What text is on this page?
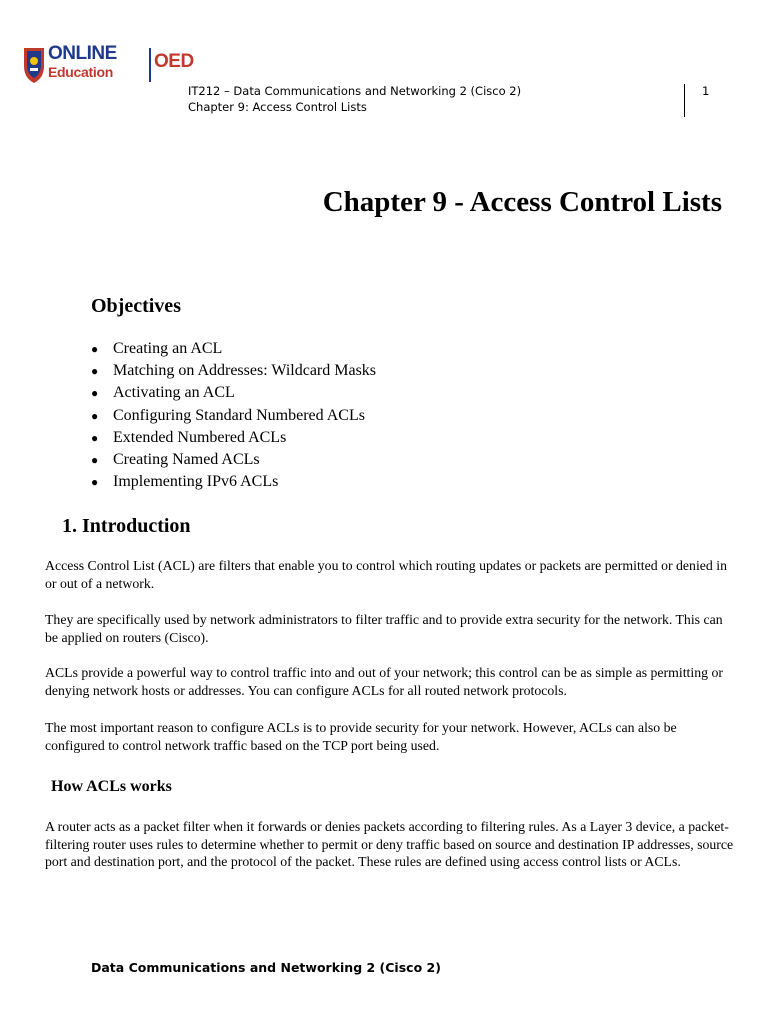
ONLINE
Education OED
IT212 – Data Communications and Networking 2 (Cisco 2)
Chapter 9: Access Control Lists
1
Chapter 9 - Access Control Lists
Objectives
● Creating an ACL
● Matching on Addresses: Wildcard Masks
● Activating an ACL
● Configuring Standard Numbered ACLs
● Extended Numbered ACLs
● Creating Named ACLs
● Implementing IPv6 ACLs
1. Introduction

Access Control List (ACL) are filters that enable you to control which routing updates or packets are permitted or denied in or out of a network.

They are specifically used by network administrators to filter traffic and to provide extra security for the network. This can be applied on routers (Cisco).

ACLs provide a powerful way to control traffic into and out of your network; this control can be as simple as permitting or denying network hosts or addresses. You can configure ACLs for all routed network protocols.

The most important reason to configure ACLs is to provide security for your network. However, ACLs can also be configured to control network traffic based on the TCP port being used.

How ACLs works

A router acts as a packet filter when it forwards or denies packets according to filtering rules. As a Layer 3 device, a packet-filtering router uses rules to determine whether to permit or deny traffic based on source and destination IP addresses, source port and destination port, and the protocol of the packet. These rules are defined using access control lists or ACLs.

Data Communications and Networking 2 (Cisco 2)
